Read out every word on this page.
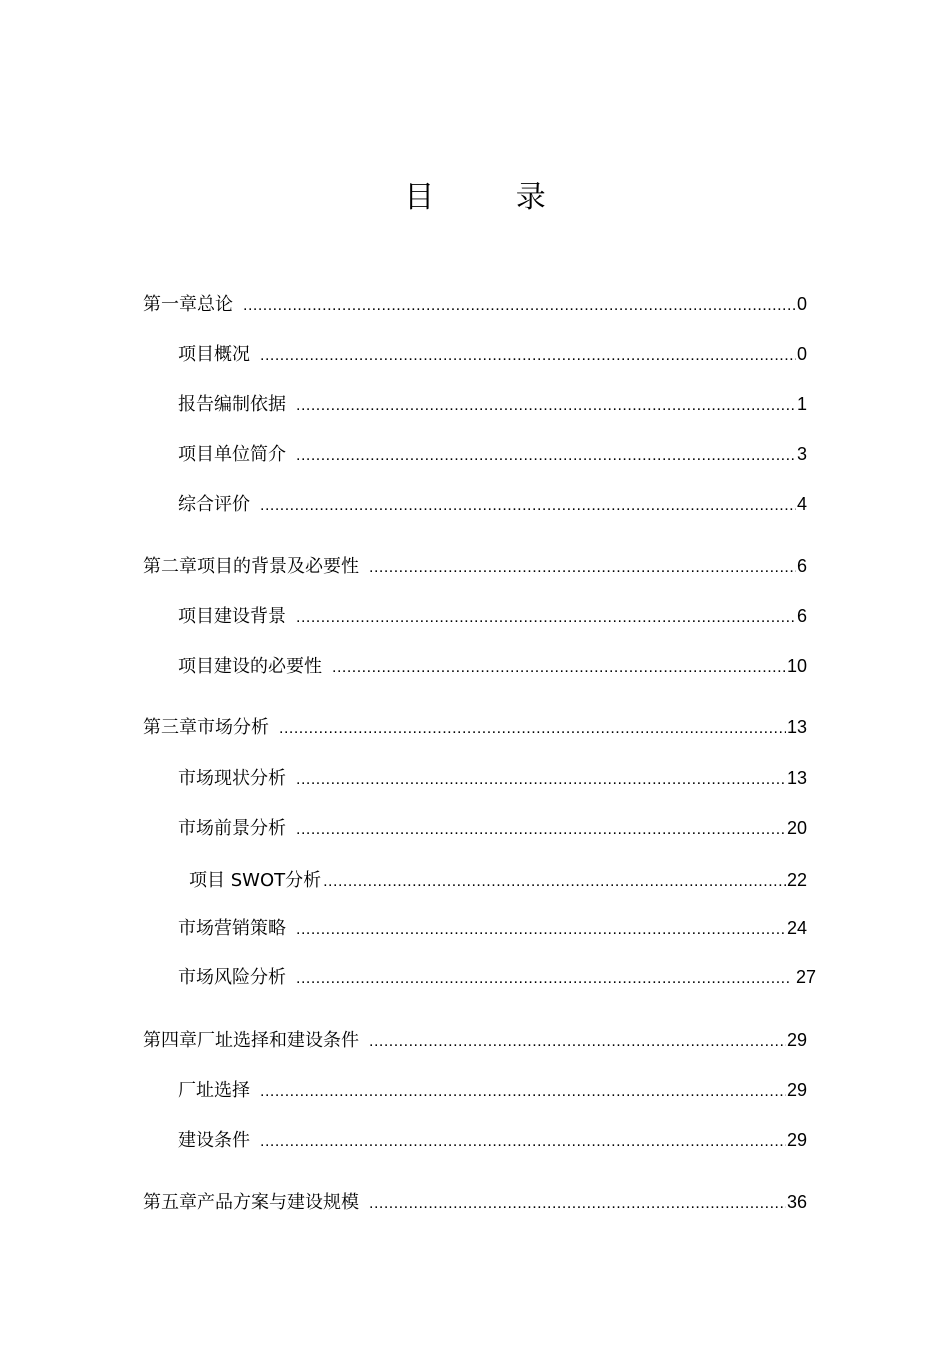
目 录
第一章 总论 .....	0
项目概况 .....	0
报告编制依据 .....	1
项目单位简介 .....	3
综合评价 .....	4
第二章 项目的背景及必要性 .....	6
项目建设背景 .....	6
项目建设的必要性 .....	10
第三章 市场分析 .....	13
市场现状分析 .....	13
市场前景分析 .....	20
项目 SWOT分析 .....	22
市场营销策略 .....	24
市场风险分析 .....	27
第四章 厂址选择和建设条件 .....	29
厂址选择 .....	29
建设条件 .....	29
第五章 产品方案与建设规模 .....	36
